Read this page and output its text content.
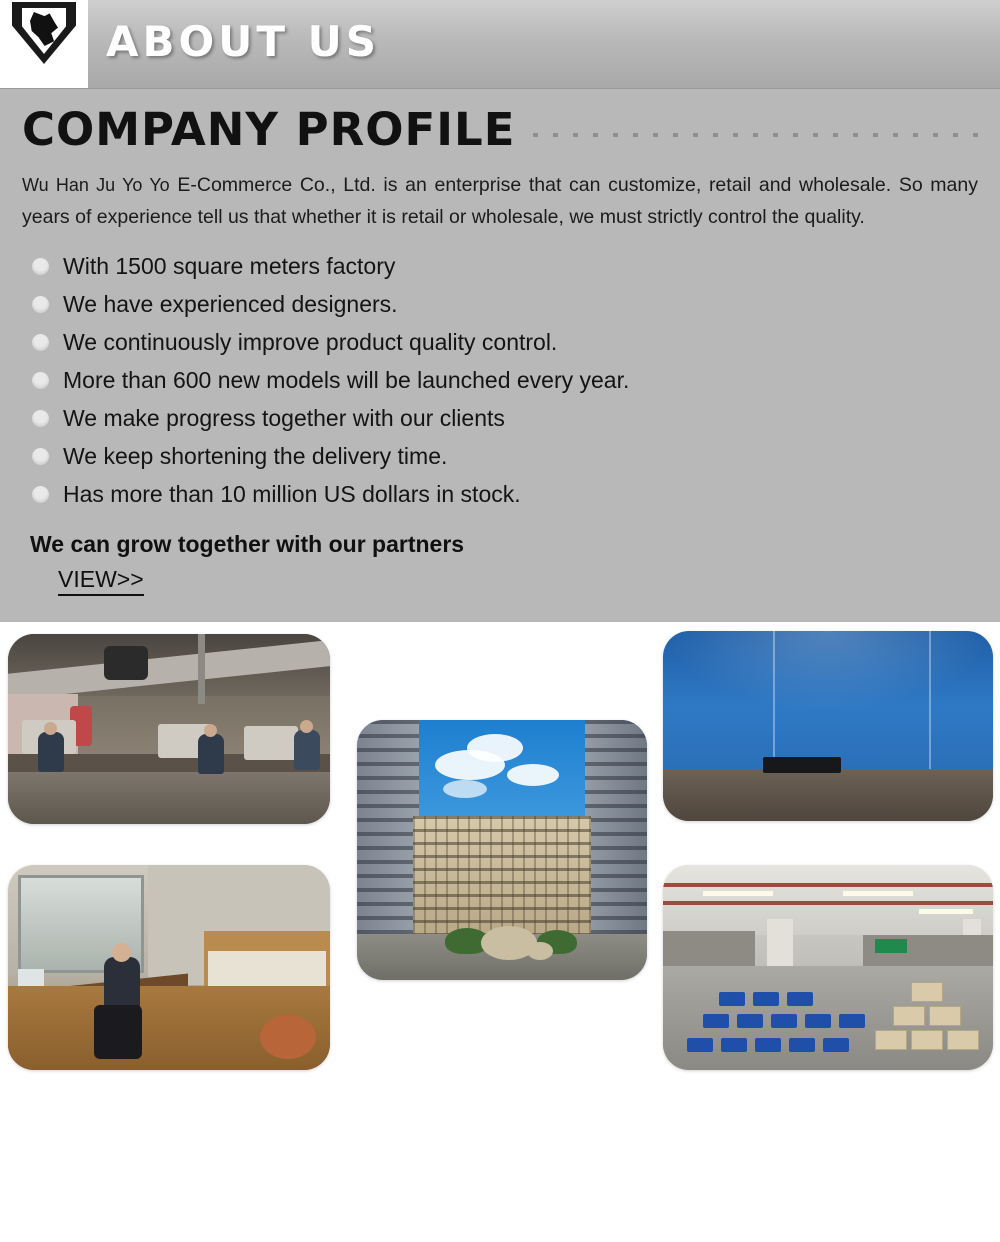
ABOUT US
COMPANY PROFILE

Wu Han Ju Yo Yo E-Commerce Co., Ltd. is an enterprise that can customize, retail and wholesale. So many years of experience tell us that whether it is retail or wholesale, we must strictly control the quality.

With 1500 square meters factory
We have experienced designers.
We continuously improve product quality control.
More than 600 new models will be launched every year.
We make progress together with our clients
We keep shortening the delivery time.
Has more than 10 million US dollars in stock.
We can grow together with our partners
VIEW>>
